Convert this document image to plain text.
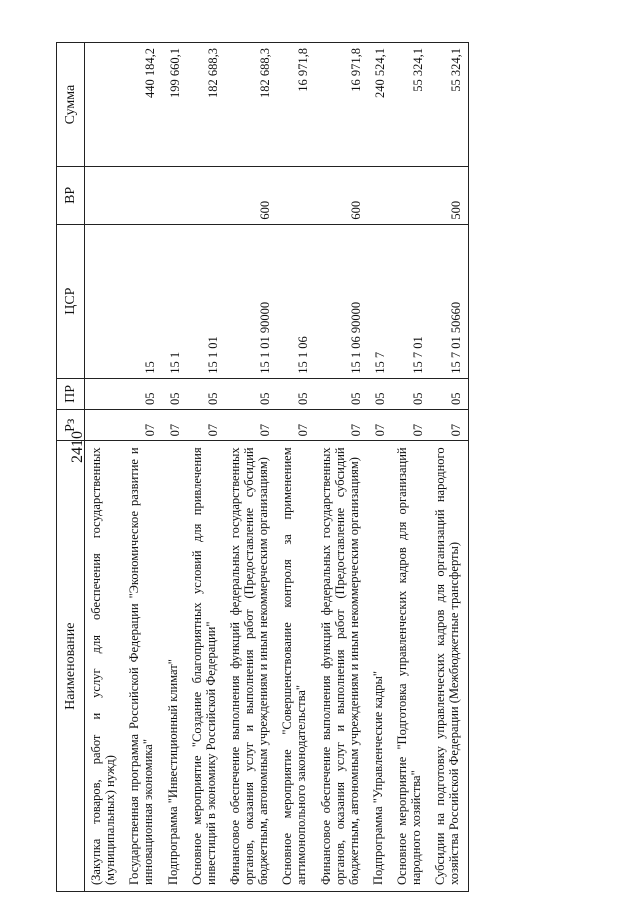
2410
Наименование	Рз	ПР	ЦСР	ВР	Сумма
(Закупка товаров, работ и услуг для обеспечения государственных (муниципальных) нужд)					
Государственная программа Российской Федерации "Экономическое развитие и инновационная экономика"	07	05	15		440 184,2
Подпрограмма "Инвестиционный климат"	07	05	15 1		199 660,1
Основное мероприятие "Создание благоприятных условий для привлечения инвестиций в экономику Российской Федерации"	07	05	15 1 01		182 688,3
Финансовое обеспечение выполнения функций федеральных государственных органов, оказания услуг и выполнения работ (Предоставление субсидий бюджетным, автономным учреждениям и иным некоммерческим организациям)	07	05	15 1 01 90000	600	182 688,3
Основное мероприятие "Совершенствование контроля за применением антимонопольного законодательства"	07	05	15 1 06		16 971,8
Финансовое обеспечение выполнения функций федеральных государственных органов, оказания услуг и выполнения работ (Предоставление субсидий бюджетным, автономным учреждениям и иным некоммерческим организациям)	07	05	15 1 06 90000	600	16 971,8
Подпрограмма "Управленческие кадры"	07	05	15 7		240 524,1
Основное мероприятие "Подготовка управленческих кадров для организаций народного хозяйства"	07	05	15 7 01		55 324,1
Субсидии на подготовку управленческих кадров для организаций народного хозяйства Российской Федерации (Межбюджетные трансферты)	07	05	15 7 01 50660	500	55 324,1
